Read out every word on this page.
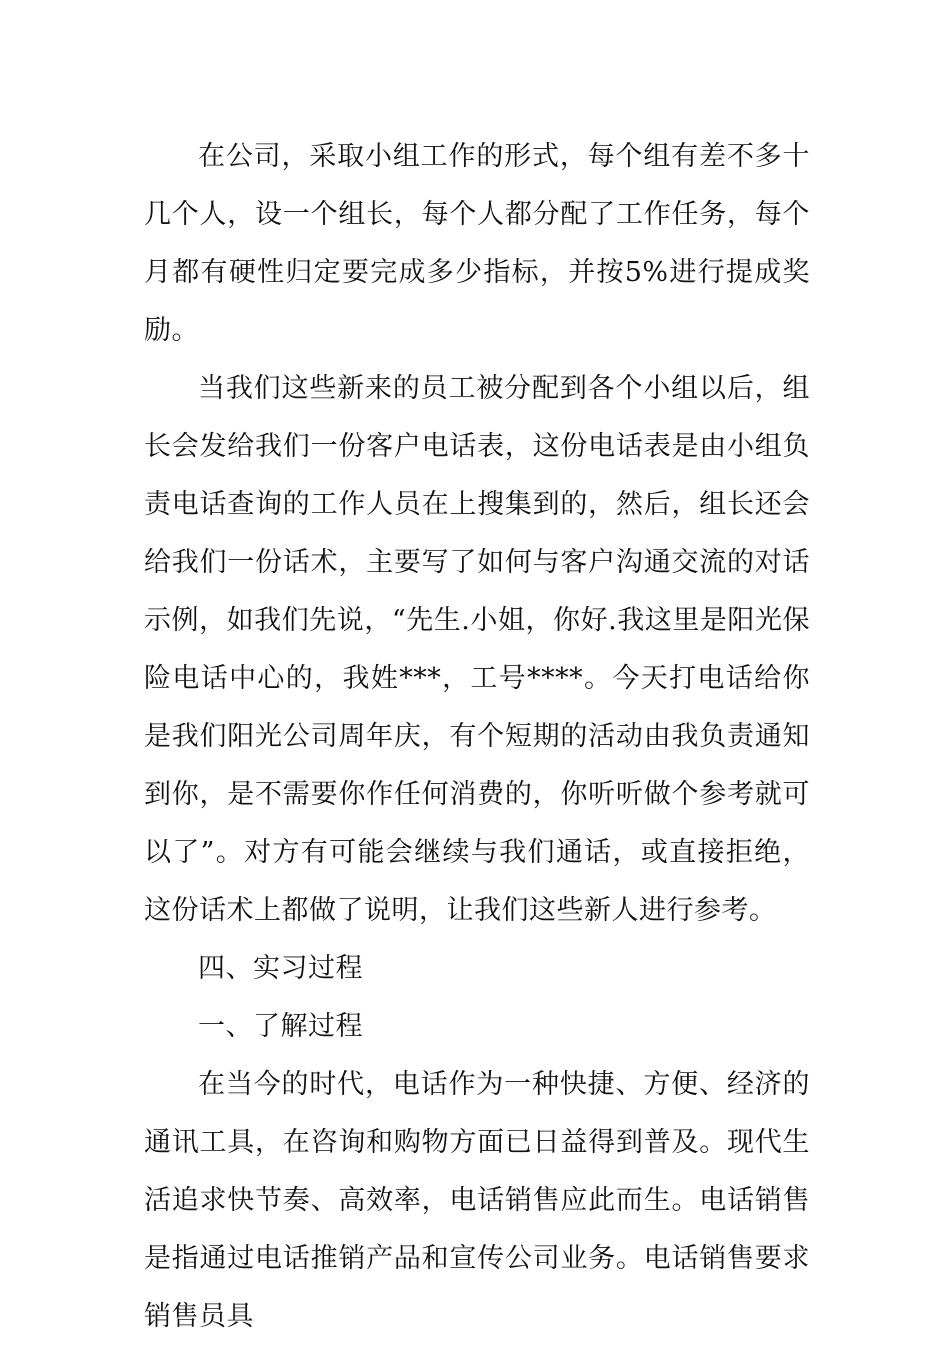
在公司，采取小组工作的形式，每个组有差不多十几个人，设一个组长，每个人都分配了工作任务，每个月都有硬性归定要完成多少指标，并按5%进行提成奖励。

当我们这些新来的员工被分配到各个小组以后，组长会发给我们一份客户电话表，这份电话表是由小组负责电话查询的工作人员在上搜集到的，然后，组长还会给我们一份话术，主要写了如何与客户沟通交流的对话示例，如我们先说，“先生.小姐，你好.我这里是阳光保险电话中心的，我姓***，工号****。今天打电话给你是我们阳光公司周年庆，有个短期的活动由我负责通知到你，是不需要你作任何消费的，你听听做个参考就可以了”。对方有可能会继续与我们通话，或直接拒绝，这份话术上都做了说明，让我们这些新人进行参考。

四、实习过程

一、了解过程

在当今的时代，电话作为一种快捷、方便、经济的通讯工具，在咨询和购物方面已日益得到普及。现代生活追求快节奏、高效率，电话销售应此而生。电话销售是指通过电话推销产品和宣传公司业务。电话销售要求销售员具
